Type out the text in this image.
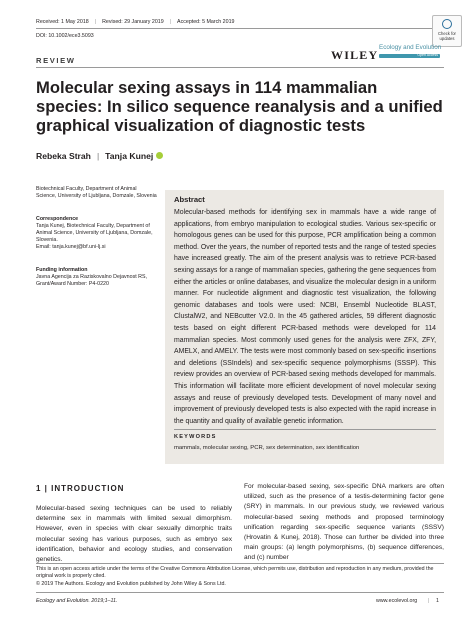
Received: 1 May 2018 | Revised: 29 January 2019 | Accepted: 5 March 2019
DOI: 10.1002/ece3.5093	Check for updates
WILEY
Ecology and Evolution
Open Access
REVIEW
Molecular sexing assays in 114 mammalian species: In silico sequence reanalysis and a unified graphical visualization of diagnostic tests
Rebeka Strah | Tanja Kunej
Biotechnical Faculty, Department of Animal Science, University of Ljubljana, Domzale, Slovenia
Correspondence
Tanja Kunej, Biotechnical Faculty, Department of Animal Science, University of Ljubljana, Domzale, Slovenia.
Email: tanja.kunej@bf.uni-lj.si
Funding information
Javna Agencija za Raziskovalno Dejavnost RS, Grant/Award Number: P4-0220
Abstract
Molecular-based methods for identifying sex in mammals have a wide range of applications, from embryo manipulation to ecological studies. Various sex-specific or homologous genes can be used for this purpose, PCR amplification being a common method. Over the years, the number of reported tests and the range of tested species have increased greatly. The aim of the present analysis was to retrieve PCR-based sexing assays for a range of mammalian species, gathering the gene sequences from either the articles or online databases, and visualize the molecular design in a uniform manner. For nucleotide alignment and diagnostic test visualization, the following genomic databases and tools were used: NCBI, Ensembl Nucleotide BLAST, ClustalW2, and NEBcutter V2.0. In the 45 gathered articles, 59 different diagnostic tests based on eight different PCR-based methods were developed for 114 mammalian species. Most commonly used genes for the analysis were ZFX, ZFY, AMELX, and AMELY. The tests were most commonly based on sex-specific insertions and deletions (SSIndels) and sex-specific sequence polymorphisms (SSSP). This review provides an overview of PCR-based sexing methods developed for mammals. This information will facilitate more efficient development of novel molecular sexing assays and reuse of previously developed tests. Development of many novel and improvement of previously developed tests is also expected with the rapid increase in the quantity and quality of available genetic information.
KEYWORDS
mammals, molecular sexing, PCR, sex determination, sex identification
1 | INTRODUCTION
Molecular-based sexing techniques can be used to reliably determine sex in mammals with limited sexual dimorphism. However, even in species with clear sexually dimorphic traits molecular sexing has various purposes, such as embryo sex identification, behavior and ecology studies, and conservation genetics.
For molecular-based sexing, sex-specific DNA markers are often utilized, such as the presence of a testis-determining factor gene (SRY) in mammals. In our previous study, we reviewed various molecular-based sexing methods and proposed terminology unification regarding sex-specific sequence variants (SSSV) (Hrovatin & Kunej, 2018). Those can further be divided into three main groups: (a) length polymorphisms, (b) sequence differences, and (c) number
This is an open access article under the terms of the Creative Commons Attribution License, which permits use, distribution and reproduction in any medium, provided the original work is properly cited.
© 2019 The Authors. Ecology and Evolution published by John Wiley & Sons Ltd.
Ecology and Evolution. 2019;1–11.	www.ecolevol.org | 1
